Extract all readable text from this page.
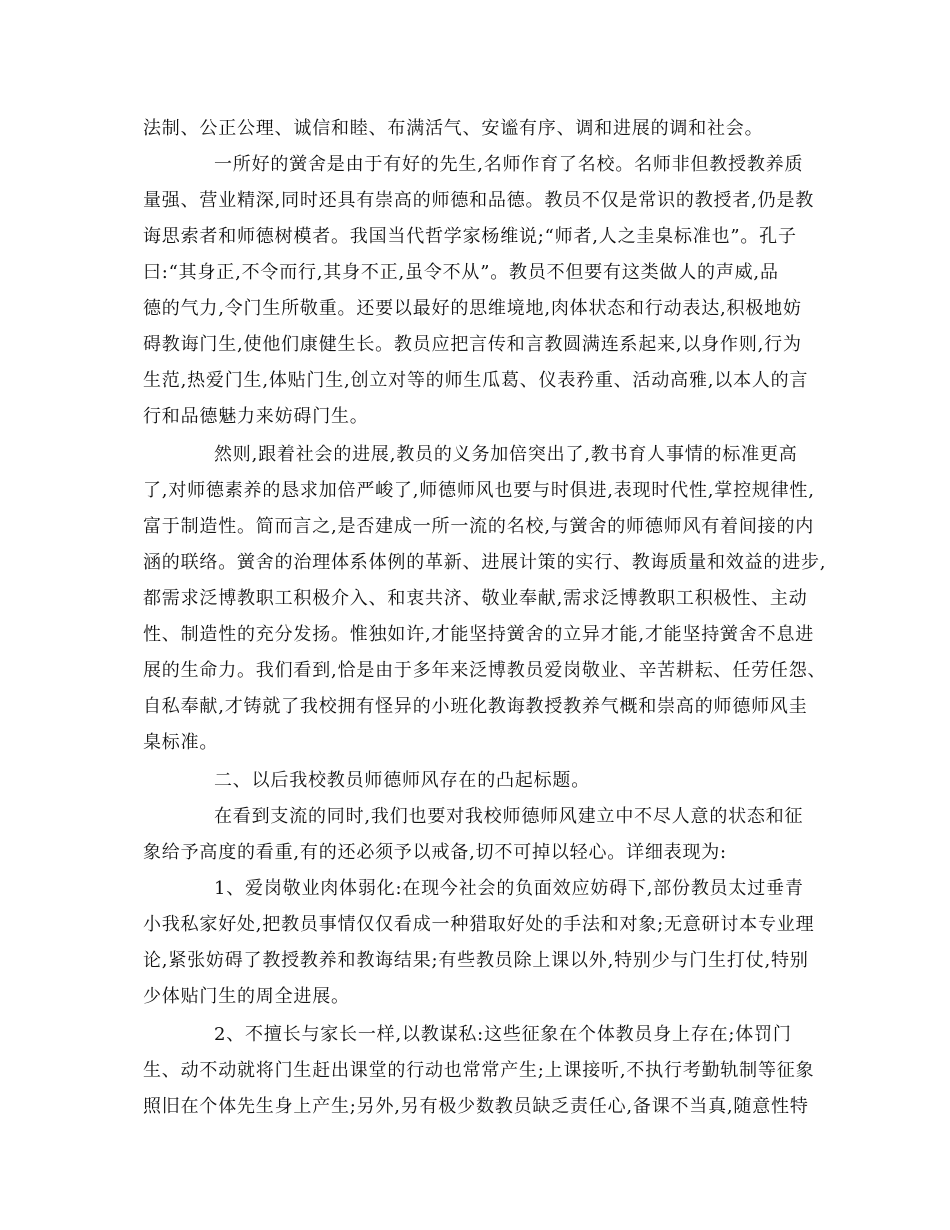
法制、公正公理、诚信和睦、布满活气、安谧有序、调和进展的调和社会。
一所好的黉舍是由于有好的先生,名师作育了名校。名师非但教授教养质
量强、营业精深,同时还具有崇高的师德和品德。教员不仅是常识的教授者,仍是教
诲思索者和师德树模者。我国当代哲学家杨维说;“师者,人之圭臬标准也”。孔子
曰:“其身正,不令而行,其身不正,虽令不从”。教员不但要有这类做人的声威,品
德的气力,令门生所敬重。还要以最好的思维境地,肉体状态和行动表达,积极地妨
碍教诲门生,使他们康健生长。教员应把言传和言教圆满连系起来,以身作则,行为
生范,热爱门生,体贴门生,创立对等的师生瓜葛、仪表矜重、活动高雅,以本人的言
行和品德魅力来妨碍门生。
然则,跟着社会的进展,教员的义务加倍突出了,教书育人事情的标准更高
了,对师德素养的恳求加倍严峻了,师德师风也要与时俱进,表现时代性,掌控规律性,
富于制造性。简而言之,是否建成一所一流的名校,与黉舍的师德师风有着间接的内
涵的联络。黉舍的治理体系体例的革新、进展计策的实行、教诲质量和效益的进步,
都需求泛博教职工积极介入、和衷共济、敬业奉献,需求泛博教职工积极性、主动
性、制造性的充分发扬。惟独如许,才能坚持黉舍的立异才能,才能坚持黉舍不息进
展的生命力。我们看到,恰是由于多年来泛博教员爱岗敬业、辛苦耕耘、任劳任怨、
自私奉献,才铸就了我校拥有怪异的小班化教诲教授教养气概和崇高的师德师风圭
臬标准。
二、以后我校教员师德师风存在的凸起标题。
在看到支流的同时,我们也要对我校师德师风建立中不尽人意的状态和征
象给予高度的看重,有的还必须予以戒备,切不可掉以轻心。详细表现为:
1、爱岗敬业肉体弱化:在现今社会的负面效应妨碍下,部份教员太过垂青
小我私家好处,把教员事情仅仅看成一种猎取好处的手法和对象;无意研讨本专业理
论,紧张妨碍了教授教养和教诲结果;有些教员除上课以外,特别少与门生打仗,特别
少体贴门生的周全进展。
2、不擅长与家长一样,以教谋私:这些征象在个体教员身上存在;体罚门
生、动不动就将门生赶出课堂的行动也常常产生;上课接听,不执行考勤轨制等征象
照旧在个体先生身上产生;另外,另有极少数教员缺乏责任心,备课不当真,随意性特
